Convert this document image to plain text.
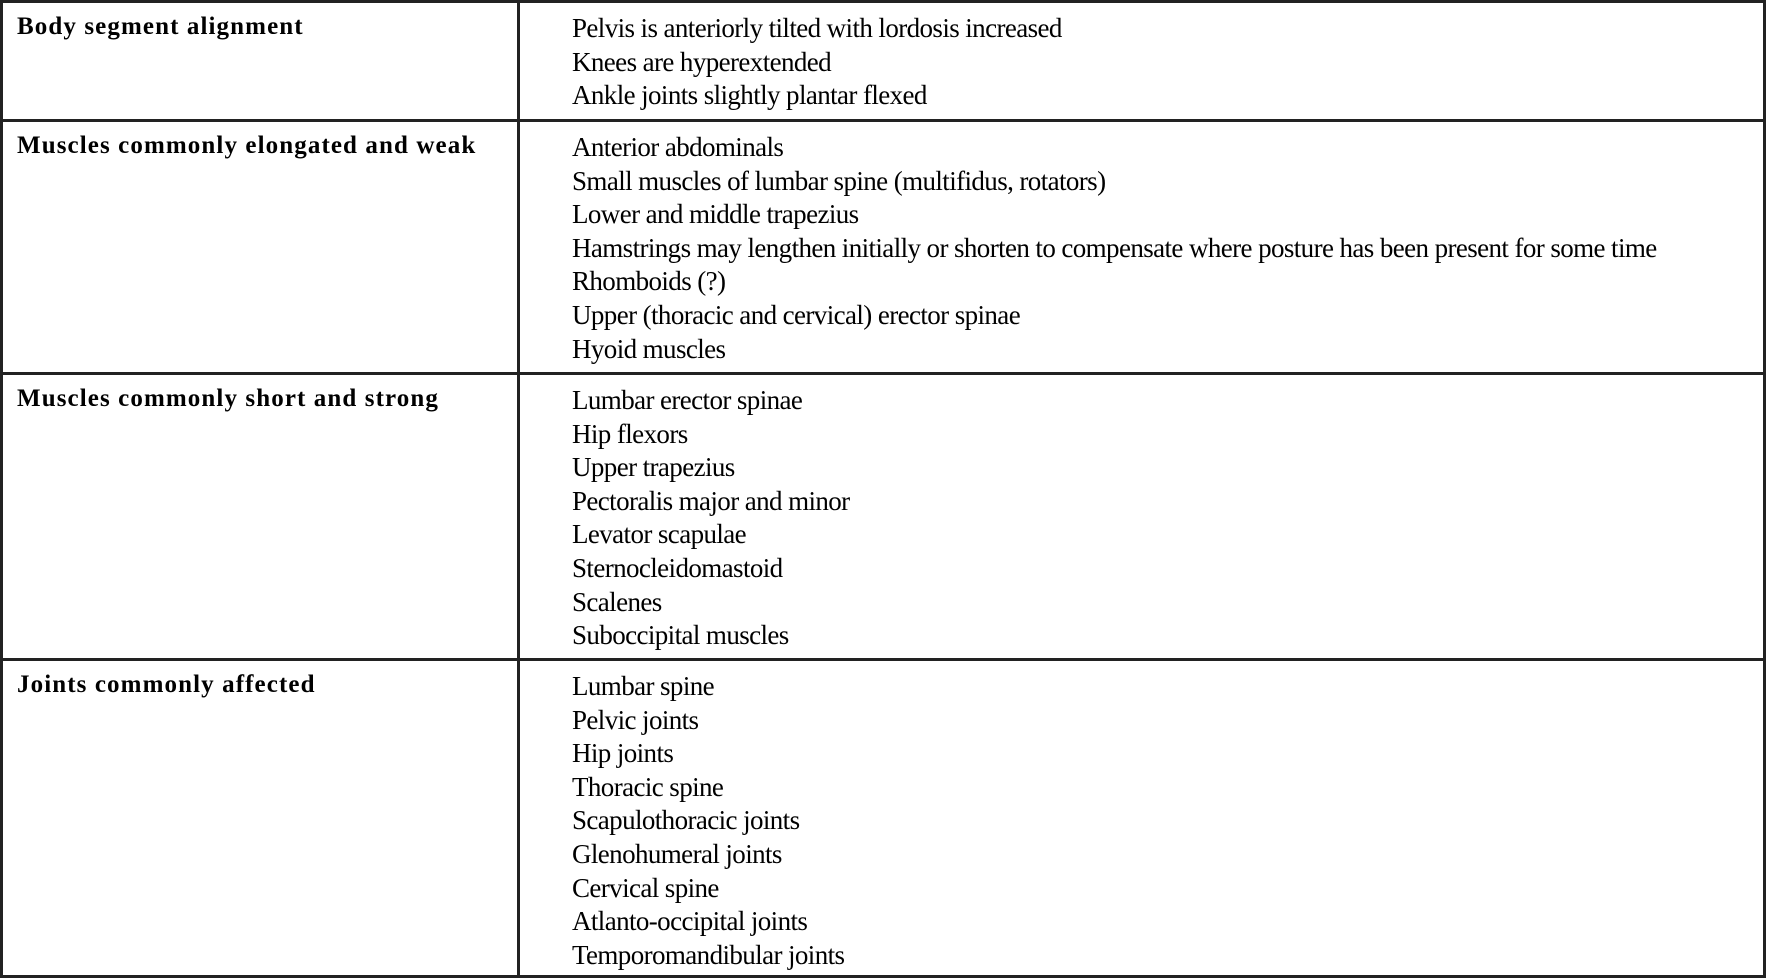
Body segment alignment	Pelvis is anteriorly tilted with lordosis increased
Knees are hyperextended
Ankle joints slightly plantar flexed
Muscles commonly elongated and weak	Anterior abdominals
Small muscles of lumbar spine (multifidus, rotators)
Lower and middle trapezius
Hamstrings may lengthen initially or shorten to compensate where posture has been present for some time
Rhomboids (?)
Upper (thoracic and cervical) erector spinae
Hyoid muscles
Muscles commonly short and strong	Lumbar erector spinae
Hip flexors
Upper trapezius
Pectoralis major and minor
Levator scapulae
Sternocleidomastoid
Scalenes
Suboccipital muscles
Joints commonly affected	Lumbar spine
Pelvic joints
Hip joints
Thoracic spine
Scapulothoracic joints
Glenohumeral joints
Cervical spine
Atlanto-occipital joints
Temporomandibular joints
